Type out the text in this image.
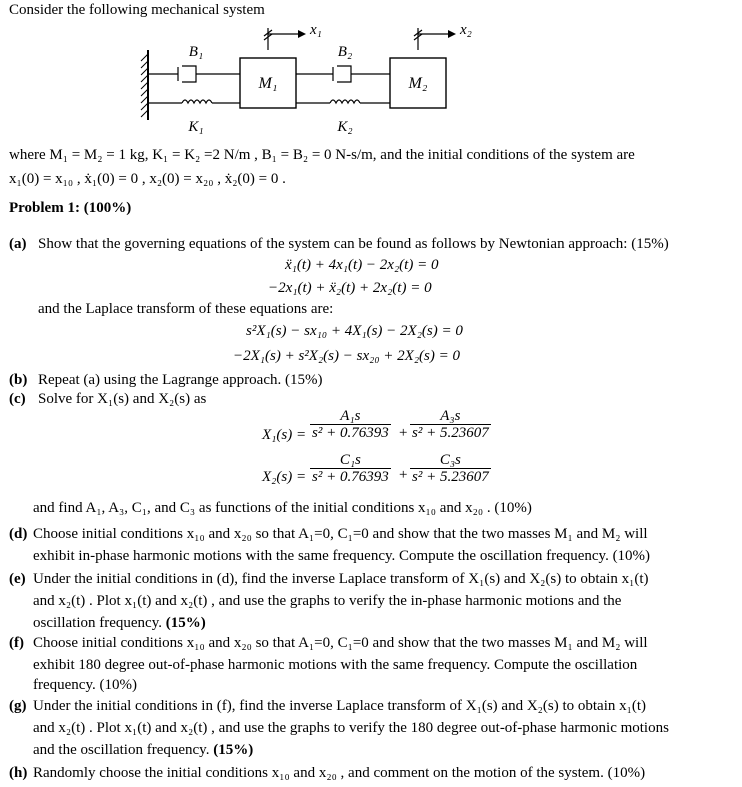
Consider the following mechanical system
M₁	M₂
B₁
K₁
B₂
K₂
x₁	x₂
where M₁ = M₂ = 1 kg, K₁ = K₂ =2 N/m , B₁ = B₂ = 0 N-s/m, and the initial conditions of the system are
x₁(0) = x₁₀ , ẋ₁(0) = 0 , x₂(0) = x₂₀ , ẋ₂(0) = 0 .
Problem 1: (100%)
(a) Show that the governing equations of the system can be found as follows by Newtonian approach: (15%)
ẍ₁(t) + 4x₁(t) − 2x₂(t) = 0
−2x₁(t) + ẍ₂(t) + 2x₂(t) = 0
and the Laplace transform of these equations are:
s²X₁(s) − sx₁₀ + 4X₁(s) − 2X₂(s) = 0
−2X₁(s) + s²X₂(s) − sx₂₀ + 2X₂(s) = 0
(b) Repeat (a) using the Lagrange approach. (15%)
(c) Solve for X₁(s) and X₂(s) as
$X_1(s) = \frac{\text{A₁s}}{\text{s² + 0.76393}} + \frac{\text{A₃s}}{\text{s² + 5.23607}}$
$X_2(s) = \frac{\text{C₁s}}{\text{s² + 0.76393}} + \frac{\text{C₃s}}{\text{s² + 5.23607}}$
and find A₁, A₃, C₁, and C₃ as functions of the initial conditions x₁₀ and x₂₀ . (10%)
(d) Choose initial conditions x₁₀ and x₂₀ so that A₁=0, C₁=0 and show that the two masses M₁ and M₂ will
exhibit in-phase harmonic motions with the same frequency. Compute the oscillation frequency. (10%)
(e) Under the initial conditions in (d), find the inverse Laplace transform of X₁(s) and X₂(s) to obtain x₁(t)
and x₂(t) . Plot x₁(t) and x₂(t) , and use the graphs to verify the in-phase harmonic motions and the
oscillation frequency. (15%)
(f) Choose initial conditions x₁₀ and x₂₀ so that A₁=0, C₁=0 and show that the two masses M₁ and M₂ will
exhibit 180 degree out-of-phase harmonic motions with the same frequency. Compute the oscillation
frequency. (10%)
(g) Under the initial conditions in (f), find the inverse Laplace transform of X₁(s) and X₂(s) to obtain x₁(t)
and x₂(t) . Plot x₁(t) and x₂(t) , and use the graphs to verify the 180 degree out-of-phase harmonic motions
and the oscillation frequency. (15%)
(h) Randomly choose the initial conditions x₁₀ and x₂₀ , and comment on the motion of the system. (10%)
